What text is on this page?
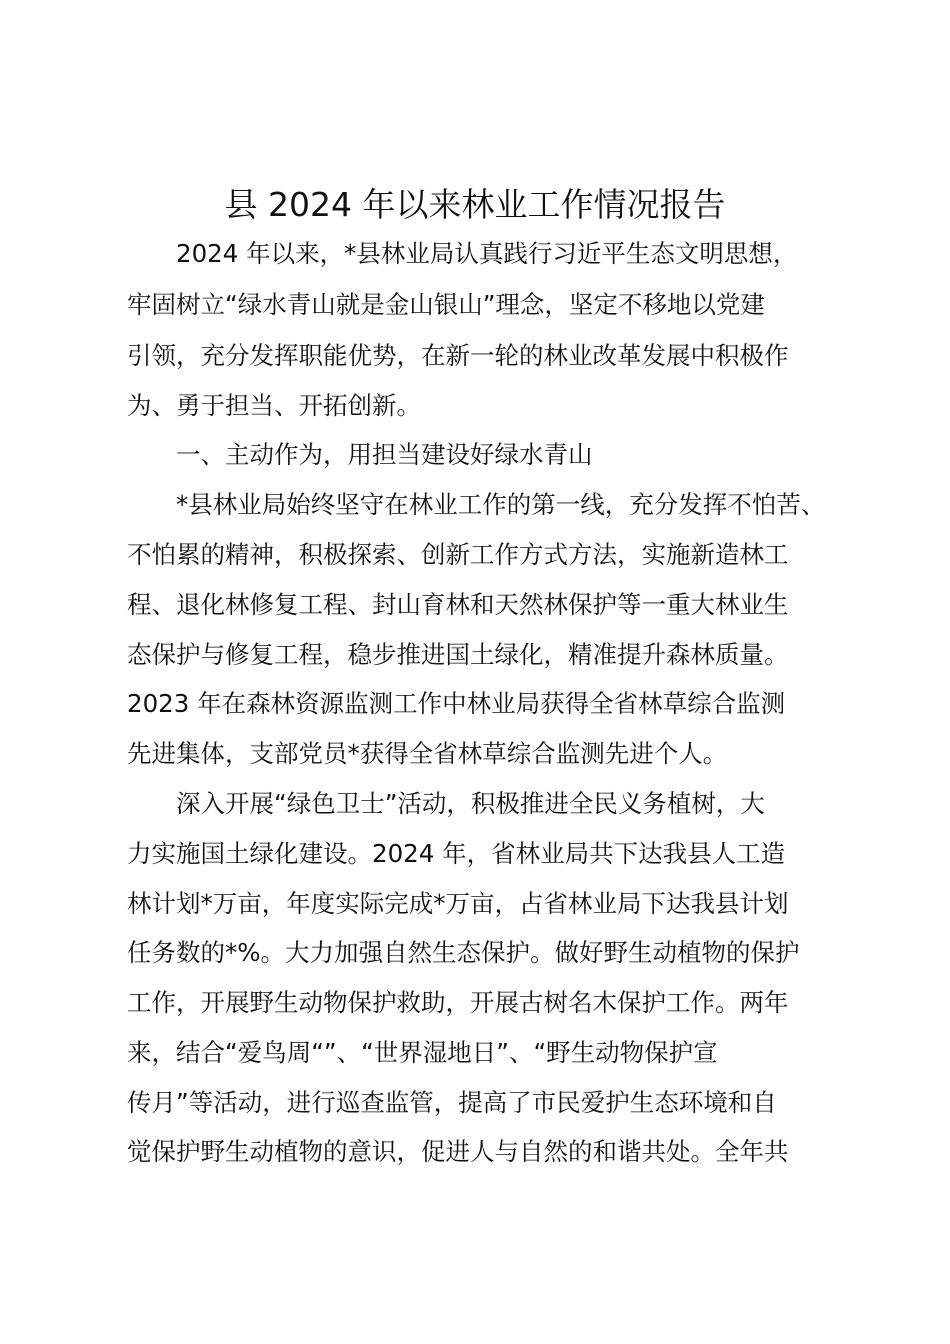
县 2024 年以来林业工作情况报告

2024 年以来，*县林业局认真践行习近平生态文明思想，

牢固树立“绿水青山就是金山银山”理念，坚定不移地以党建

引领，充分发挥职能优势，在新一轮的林业改革发展中积极作

为、勇于担当、开拓创新。

一、主动作为，用担当建设好绿水青山

*县林业局始终坚守在林业工作的第一线，充分发挥不怕苦、

不怕累的精神，积极探索、创新工作方式方法，实施新造林工

程、退化林修复工程、封山育林和天然林保护等一重大林业生

态保护与修复工程，稳步推进国土绿化，精准提升森林质量。

2023 年在森林资源监测工作中林业局获得全省林草综合监测

先进集体，支部党员*获得全省林草综合监测先进个人。

深入开展“绿色卫士”活动，积极推进全民义务植树，大

力实施国土绿化建设。2024 年，省林业局共下达我县人工造

林计划*万亩，年度实际完成*万亩，占省林业局下达我县计划

任务数的*%。大力加强自然生态保护。做好野生动植物的保护

工作，开展野生动物保护救助，开展古树名木保护工作。两年

来，结合“爱鸟周“”、“世界湿地日”、“野生动物保护宣

传月”等活动，进行巡查监管，提高了市民爱护生态环境和自

觉保护野生动植物的意识，促进人与自然的和谐共处。全年共
